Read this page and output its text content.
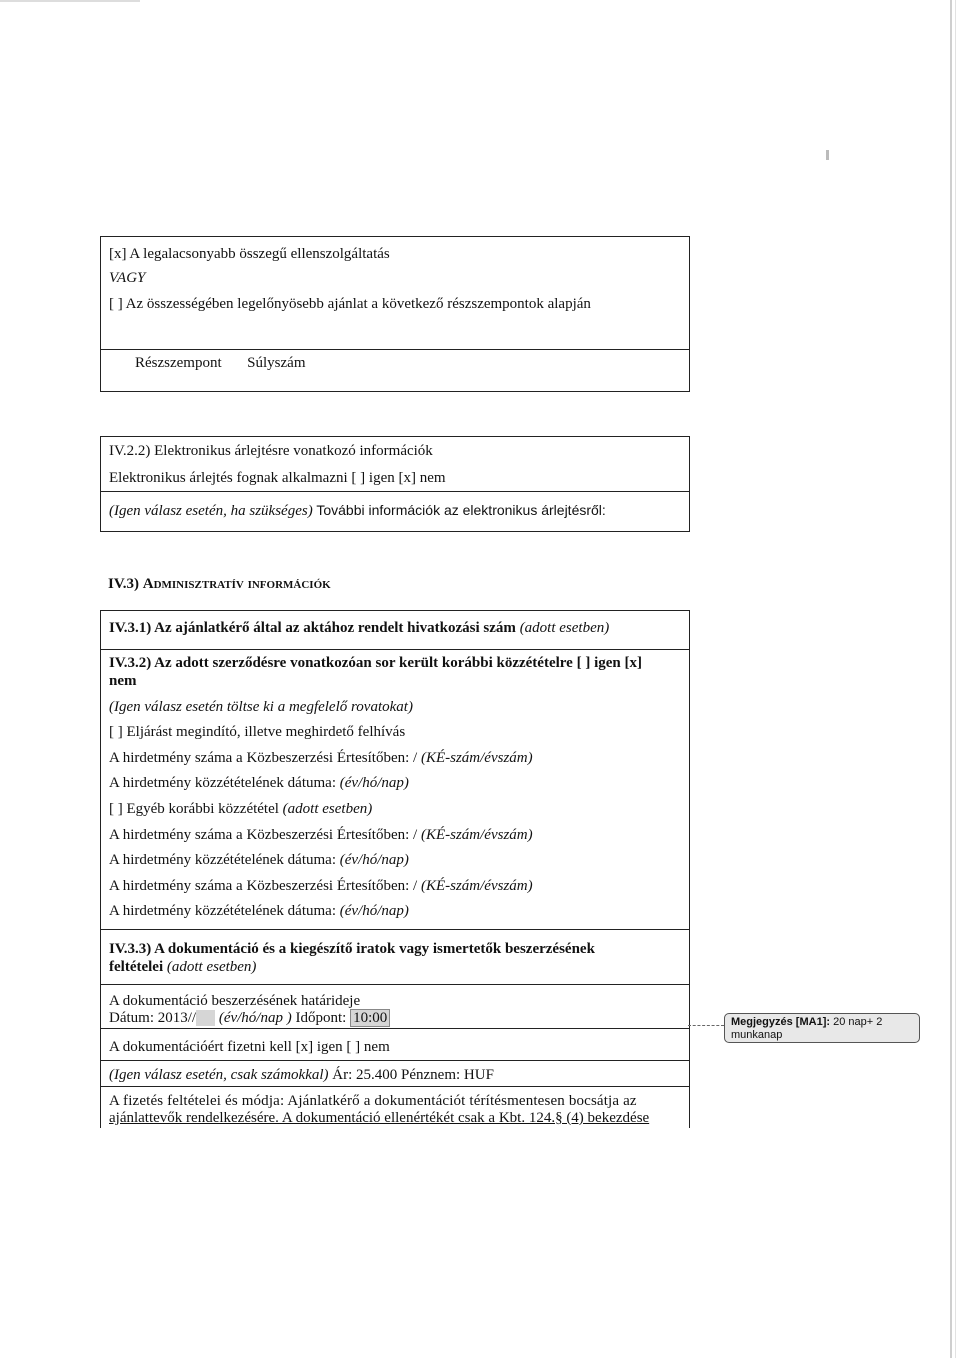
[x] A legalacsonyabb összegű ellenszolgáltatás
VAGY
[ ] Az összességében legelőnyösebb ajánlat a következő részszempontok alapján
Részszempont Súlyszám
IV.2.2) Elektronikus árlejtésre vonatkozó információk
Elektronikus árlejtés fognak alkalmazni [ ] igen [x] nem
(Igen válasz esetén, ha szükséges) További információk az elektronikus árlejtésről:
IV.3) Adminisztratív információk
IV.3.1) Az ajánlatkérő által az aktához rendelt hivatkozási szám (adott esetben)
IV.3.2) Az adott szerződésre vonatkozóan sor került korábbi közzétételre [ ] igen [x]
nem
(Igen válasz esetén töltse ki a megfelelő rovatokat)
[ ] Eljárást megindító, illetve meghirdető felhívás
A hirdetmény száma a Közbeszerzési Értesítőben: / (KÉ-szám/évszám)
A hirdetmény közzétételének dátuma: (év/hó/nap)
[ ] Egyéb korábbi közzététel (adott esetben)
A hirdetmény száma a Közbeszerzési Értesítőben: / (KÉ-szám/évszám)
A hirdetmény közzétételének dátuma: (év/hó/nap)
A hirdetmény száma a Közbeszerzési Értesítőben: / (KÉ-szám/évszám)
A hirdetmény közzétételének dátuma: (év/hó/nap)
IV.3.3) A dokumentáció és a kiegészítő iratok vagy ismertetők beszerzésének
feltételei (adott esetben)
A dokumentáció beszerzésének határideje
Dátum: 2013//     (év/hó/nap ) Időpont: 10:00
A dokumentációért fizetni kell [x] igen [ ] nem
(Igen válasz esetén, csak számokkal) Ár: 25.400 Pénznem: HUF
A fizetés feltételei és módja: Ajánlatkérő a dokumentációt térítésmentesen bocsátja az
ajánlattevők rendelkezésére. A dokumentáció ellenértékét csak a Kbt. 124.§ (4) bekezdése
Megjegyzés [MA1]: 20 nap+ 2
munkanap
